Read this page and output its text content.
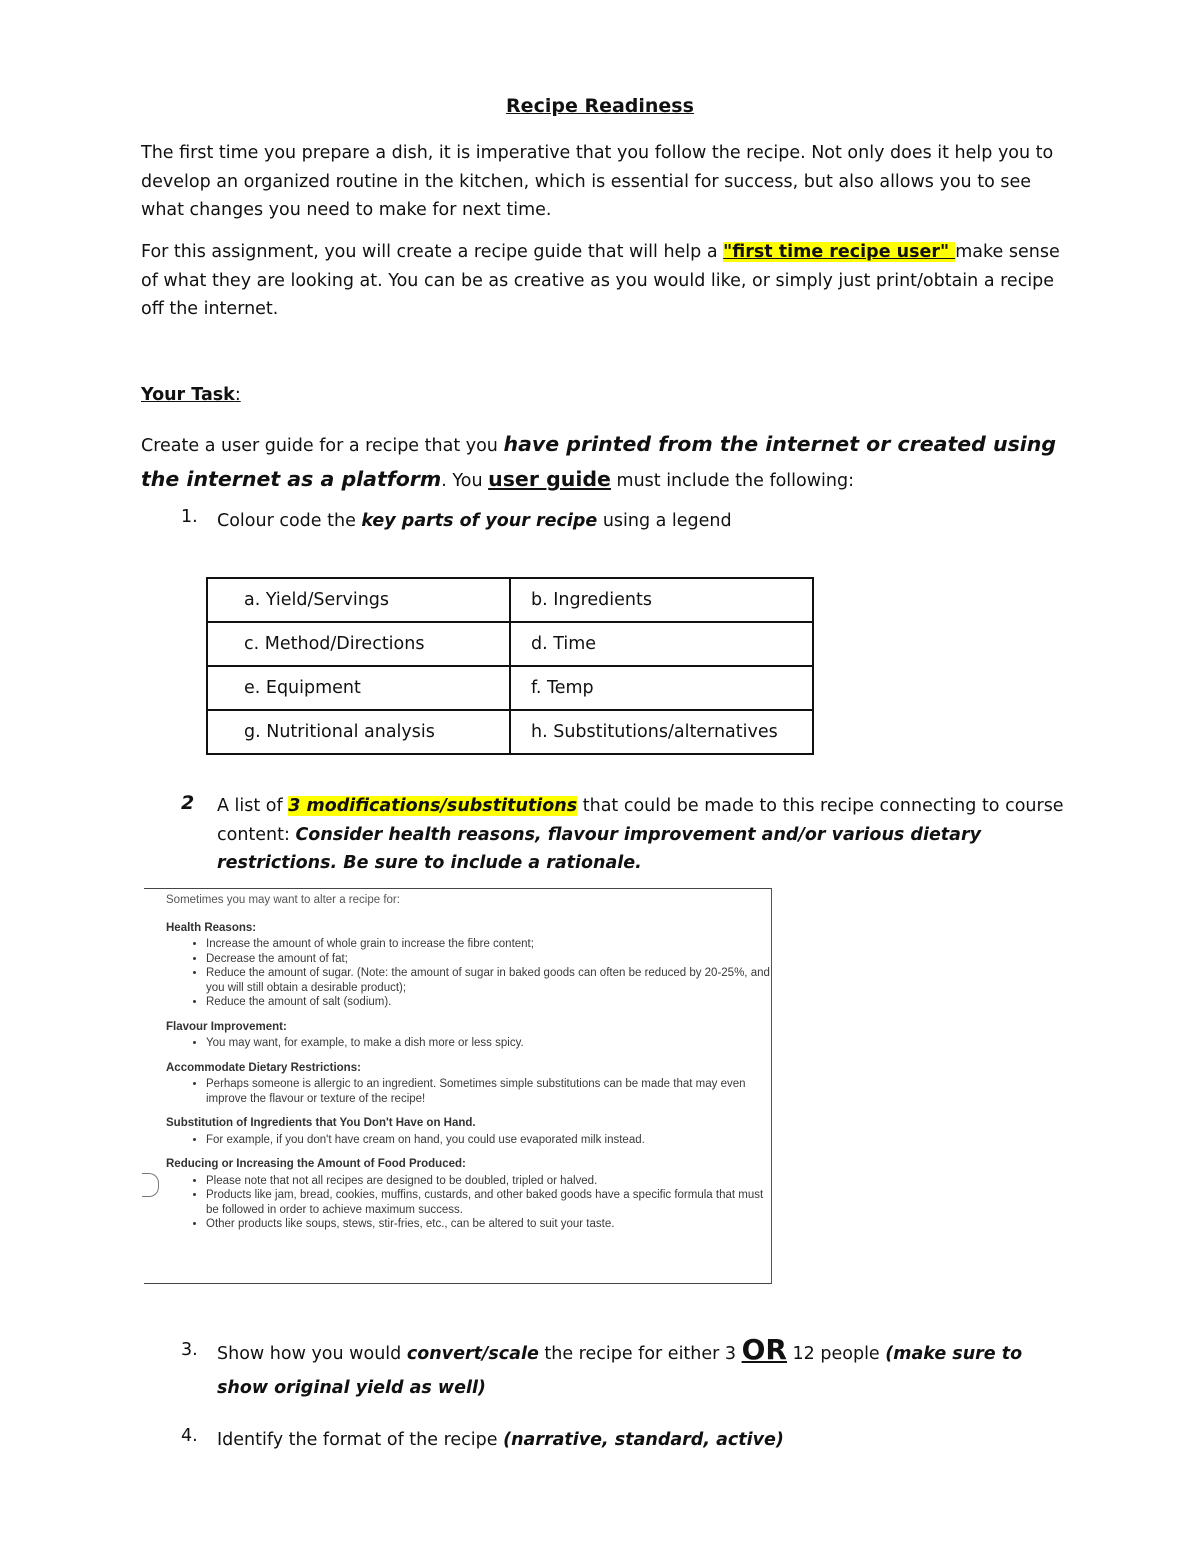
Recipe Readiness
The first time you prepare a dish, it is imperative that you follow the recipe. Not only does it help you to develop an organized routine in the kitchen, which is essential for success, but also allows you to see what changes you need to make for next time.
For this assignment, you will create a recipe guide that will help a "first time recipe user" make sense of what they are looking at. You can be as creative as you would like, or simply just print/obtain a recipe off the internet.
Your Task:
Create a user guide for a recipe that you have printed from the internet or created using the internet as a platform. You user guide must include the following:
1. Colour code the key parts of your recipe using a legend
a. Yield/Servings	b. Ingredients
c. Method/Directions	d. Time
e. Equipment	f. Temp
g. Nutritional analysis	h. Substitutions/alternatives
2 A list of 3 modifications/substitutions that could be made to this recipe connecting to course content: Consider health reasons, flavour improvement and/or various dietary restrictions. Be sure to include a rationale.
Sometimes you may want to alter a recipe for:
Health Reasons:
• Increase the amount of whole grain to increase the fibre content;
• Decrease the amount of fat;
• Reduce the amount of sugar. (Note: the amount of sugar in baked goods can often be reduced by 20-25%, and you will still obtain a desirable product);
• Reduce the amount of salt (sodium).
Flavour Improvement:
• You may want, for example, to make a dish more or less spicy.
Accommodate Dietary Restrictions:
• Perhaps someone is allergic to an ingredient. Sometimes simple substitutions can be made that may even improve the flavour or texture of the recipe!
Substitution of Ingredients that You Don't Have on Hand.
• For example, if you don't have cream on hand, you could use evaporated milk instead.
Reducing or Increasing the Amount of Food Produced:
• Please note that not all recipes are designed to be doubled, tripled or halved.
• Products like jam, bread, cookies, muffins, custards, and other baked goods have a specific formula that must be followed in order to achieve maximum success.
• Other products like soups, stews, stir-fries, etc., can be altered to suit your taste.
3. Show how you would convert/scale the recipe for either 3 OR 12 people (make sure to show original yield as well)
4. Identify the format of the recipe (narrative, standard, active)
